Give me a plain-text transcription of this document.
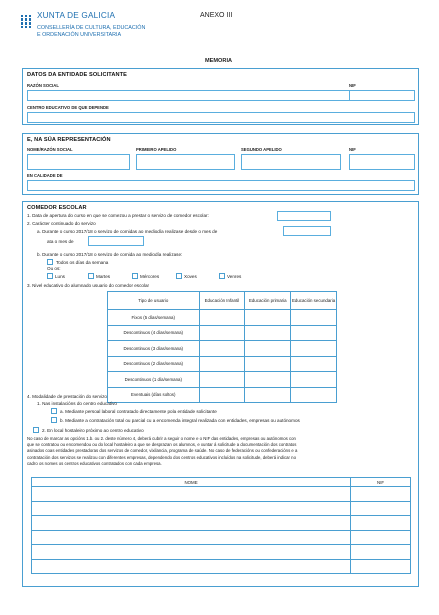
XUNTA DE GALICIA
CONSELLERÍA DE CULTURA, EDUCACIÓN
E ORDENACIÓN UNIVERSITARIA
ANEXO III
MEMORIA
DATOS DA ENTIDADE SOLICITANTE
RAZÓN SOCIAL	NIF
CENTRO EDUCATIVO DE QUE DEPENDE
E, NA SÚA REPRESENTACIÓN
NOME/RAZÓN SOCIAL	PRIMEIRO APELIDO	SEGUNDO APELIDO	NIF
EN CALIDADE DE
COMEDOR ESCOLAR
1. Data de apertura do curso en que se comezou a prestar o servizo de comedor escolar:
2. Carácter continuado do servizo
a. Durante o curso 2017/18 o servizo de comidas ao mediodía realizase desde o mes de
ata o mes de
b. Durante o curso 2017/18 o servizo de comida ao mediodía realizase:
Todos os días da semana
Ou os:
Luns	Martes	Mércores	Xoves	Venres
3. Nivel educativo do alumnado usuario do comedor escolar
Tipo de usuario	Educación Infantil	Educación primaria	Educación secundaria
Fixos (5 días/semana)			
Descontinuos (4 días/semana)			
Descontinuos (3 días/semana)			
Descontinuos (2 días/semana)			
Descontinuos (1 día/semana)			
Eventuais (días soltos)			
4. Modalidade de prestación do servizo
1. Nas instalacións do centro educativo
a. Mediante persoal laboral contratado directamente pola entidade solicitante
b. Mediante a contratación total ou parcial cu a encomenda integral realizada con entidades, empresas ou autónomos
2. En local hostaleiro próximo ao centro educativo
No caso de marcar as opcións 1.b. ou 2. deste número 4, deberá cubrir a seguir o nome e o NIF das entidades, empresas ou autónomos con
que se contratou ou encomendou ou do local hostaleiro a que se desprazan os alumnos, e xuntar á solicitude a documentación dos contratos
asinados coas entidades prestadoras dos servizos de comedor, vixilancia, programa de saúde. No caso de federacións ou confederacións e a
contratación dos servizos se realizou con diferentes empresas, dependendo dos centros educativos incluídos na solicitude, deberá indicar no
cadro os nomes os centros educativos contratados con cada empresa.
NOME	NIF
